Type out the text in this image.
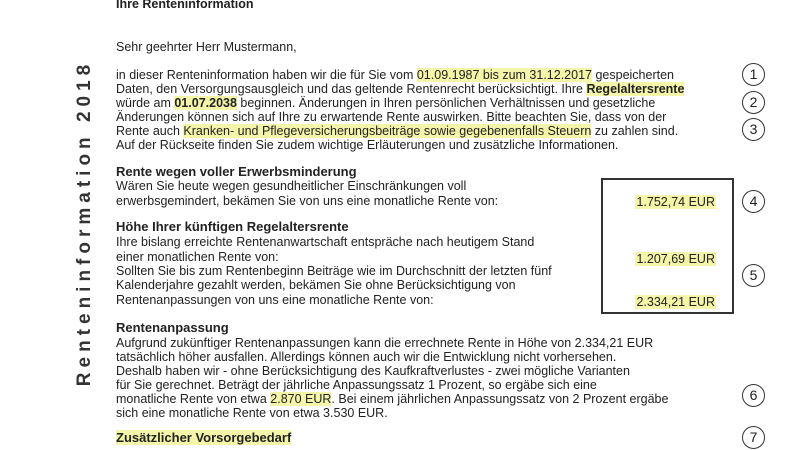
Renteninformation 2018
Ihre Renteninformation
Sehr geehrter Herr Mustermann,
in dieser Renteninformation haben wir die für Sie vom 01.09.1987 bis zum 31.12.2017 gespeicherten
Daten, den Versorgungsausgleich und das geltende Rentenrecht berücksichtigt. Ihre Regelaltersrente
würde am 01.07.2038 beginnen. Änderungen in Ihren persönlichen Verhältnissen und gesetzliche
Änderungen können sich auf Ihre zu erwartende Rente auswirken. Bitte beachten Sie, dass von der
Rente auch Kranken- und Pflegeversicherungsbeiträge sowie gegebenenfalls Steuern zu zahlen sind.
Auf der Rückseite finden Sie zudem wichtige Erläuterungen und zusätzliche Informationen.
Rente wegen voller Erwerbsminderung
Wären Sie heute wegen gesundheitlicher Einschränkungen voll
erwerbsgemindert, bekämen Sie von uns eine monatliche Rente von:
Höhe Ihrer künftigen Regelaltersrente
Ihre bislang erreichte Rentenanwartschaft entspräche nach heutigem Stand
einer monatlichen Rente von:
Sollten Sie bis zum Rentenbeginn Beiträge wie im Durchschnitt der letzten fünf
Kalenderjahre gezahlt werden, bekämen Sie ohne Berücksichtigung von
Rentenanpassungen von uns eine monatliche Rente von:
Rentenanpassung
Aufgrund zukünftiger Rentenanpassungen kann die errechnete Rente in Höhe von 2.334,21 EUR
tatsächlich höher ausfallen. Allerdings können auch wir die Entwicklung nicht vorhersehen.
Deshalb haben wir - ohne Berücksichtigung des Kaufkraftverlustes - zwei mögliche Varianten
für Sie gerechnet. Beträgt der jährliche Anpassungssatz 1 Prozent, so ergäbe sich eine
monatliche Rente von etwa 2.870 EUR. Bei einem jährlichen Anpassungssatz von 2 Prozent ergäbe
sich eine monatliche Rente von etwa 3.530 EUR.
Zusätzlicher Vorsorgebedarf
1.752,74 EUR
1.207,69 EUR
2.334,21 EUR
1
2
3
4
5
6
7
